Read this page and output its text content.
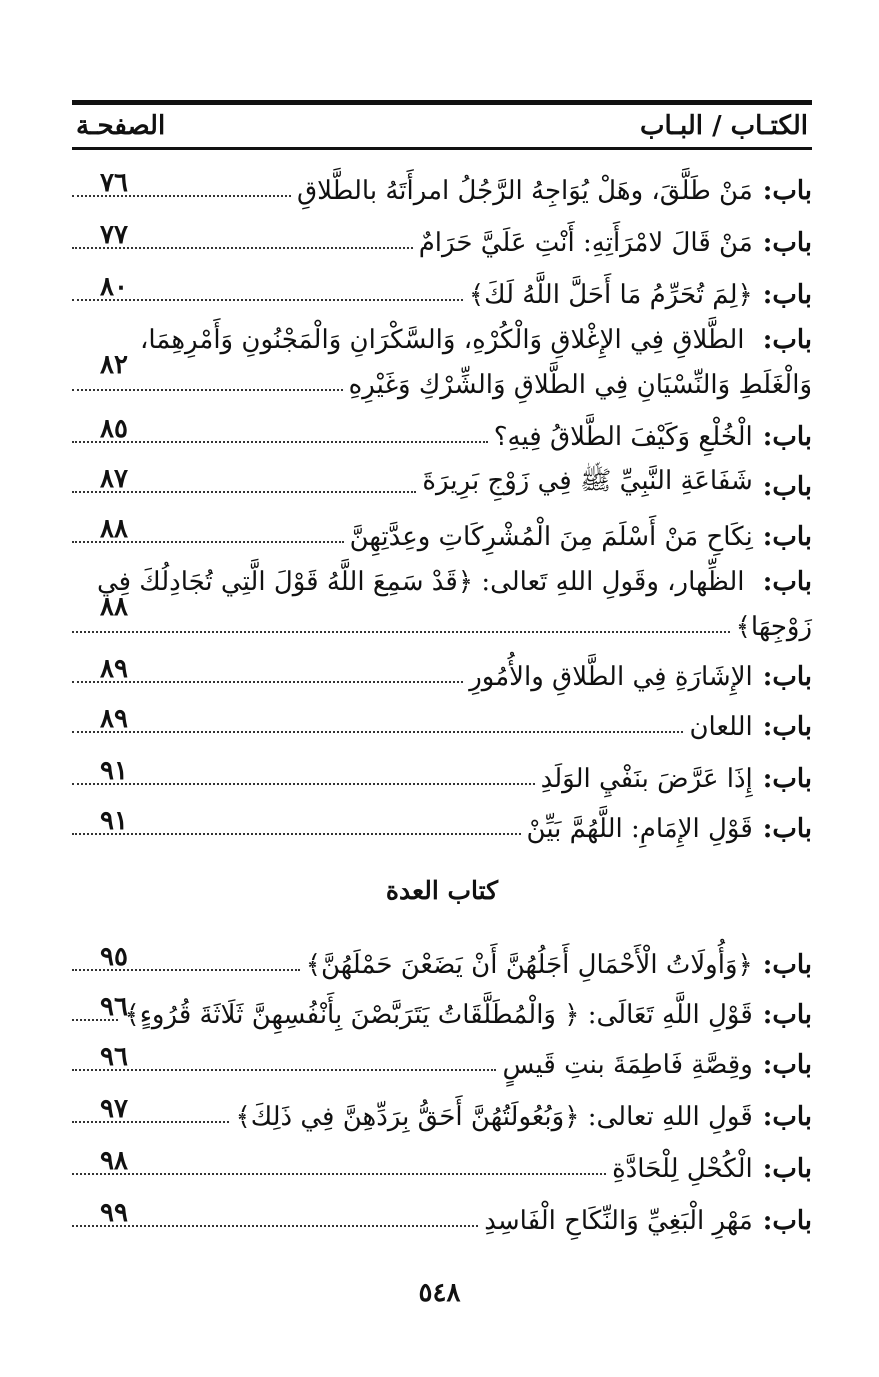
الكتـاب / البـاب
الصفحـة
باب:
مَنْ طَلَّقَ، وهَلْ يُوَاجِهُ الرَّجُلُ امرأَتَهُ بالطَّلاقِ
٧٦
باب:
مَنْ قَالَ لامْرَأَتِهِ: أَنْتِ عَلَيَّ حَرَامٌ
٧٧
باب:
﴿لِمَ تُحَرِّمُ مَا أَحَلَّ اللَّهُ لَكَ﴾
٨٠
باب: الطَّلاقِ فِي الإِغْلاقِ وَالْكُرْهِ، وَالسَّكْرَانِ وَالْمَجْنُونِ وَأَمْرِهِمَا،
وَالْغَلَطِ وَالنِّسْيَانِ فِي الطَّلاقِ وَالشِّرْكِ وَغَيْرِهِ
٨٢
باب:
الْخُلْعِ وَكَيْفَ الطَّلاقُ فِيهِ؟
٨٥
باب:
شَفَاعَةِ النَّبِيِّ ﷺ فِي زَوْجِ بَرِيرَةَ
٨٧
باب:
نِكَاحِ مَنْ أَسْلَمَ مِنَ الْمُشْرِكَاتِ وعِدَّتِهِنَّ
٨٨
باب: الظِّهار، وقَولِ اللهِ تَعالى: ﴿قَدْ سَمِعَ اللَّهُ قَوْلَ الَّتِي تُجَادِلُكَ فِي
زَوْجِهَا﴾
٨٨
باب:
الإِشَارَةِ فِي الطَّلاقِ والأُمُورِ
٨٩
باب:
اللعان
٨٩
باب:
إِذَا عَرَّضَ بنَفْيِ الوَلَدِ
٩١
باب:
قَوْلِ الإِمَامِ: اللَّهُمَّ بَيِّنْ
٩١
كتاب العدة
باب:
﴿وَأُولَاتُ الْأَحْمَالِ أَجَلُهُنَّ أَنْ يَضَعْنَ حَمْلَهُنَّ﴾
٩٥
باب:
قَوْلِ اللَّهِ تَعَالَى: ﴿ وَالْمُطَلَّقَاتُ يَتَرَبَّصْنَ بِأَنْفُسِهِنَّ ثَلَاثَةَ قُرُوءٍ﴾
٩٦
باب:
وقِصَّةِ فَاطِمَةَ بنتِ قَيسٍ
٩٦
باب:
قَولِ اللهِ تعالى: ﴿وَبُعُولَتُهُنَّ أَحَقُّ بِرَدِّهِنَّ فِي ذَلِكَ﴾
٩٧
باب:
الْكُحْلِ لِلْحَادَّةِ
٩٨
باب:
مَهْرِ الْبَغِيِّ وَالنِّكَاحِ الْفَاسِدِ
٩٩
٥٤٨
